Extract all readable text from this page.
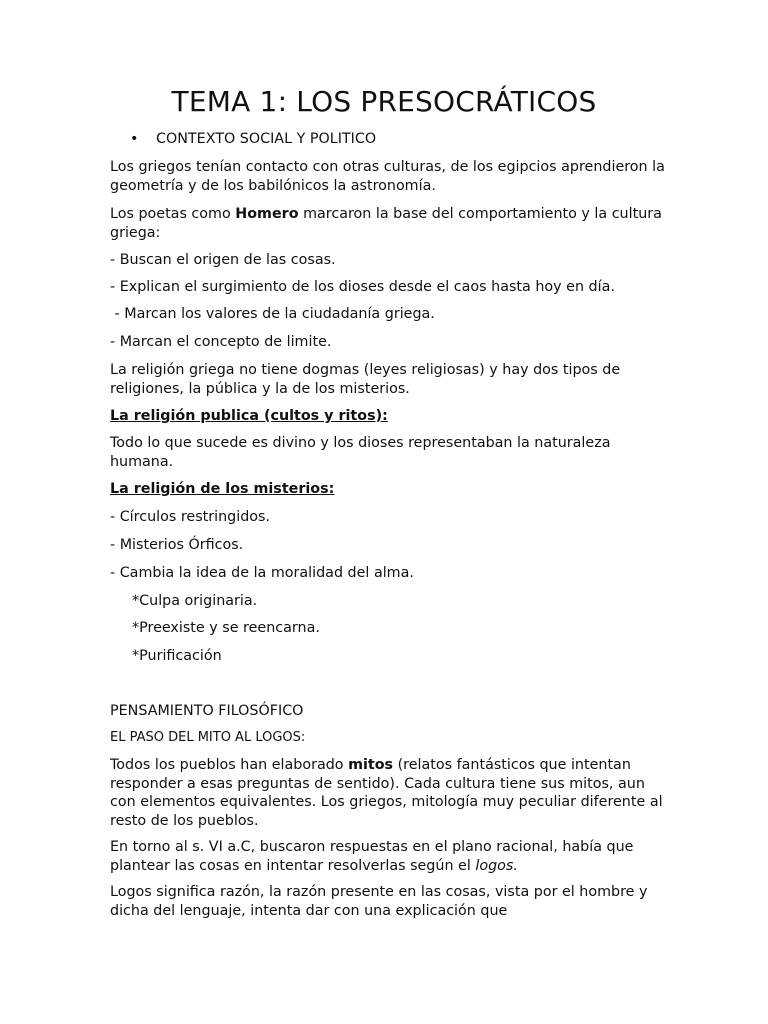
TEMA 1: LOS PRESOCRÁTICOS
• CONTEXTO SOCIAL Y POLITICO

Los griegos tenían contacto con otras culturas, de los egipcios aprendieron la geometría y de los babilónicos la astronomía.

Los poetas como Homero marcaron la base del comportamiento y la cultura griega:

- Buscan el origen de las cosas.

- Explican el surgimiento de los dioses desde el caos hasta hoy en día.

- Marcan los valores de la ciudadanía griega.

- Marcan el concepto de limite.

La religión griega no tiene dogmas (leyes religiosas) y hay dos tipos de religiones, la pública y la de los misterios.

La religión publica (cultos y ritos):

Todo lo que sucede es divino y los dioses representaban la naturaleza humana.

La religión de los misterios:

- Círculos restringidos.

- Misterios Órficos.

- Cambia la idea de la moralidad del alma.

*Culpa originaria.

*Preexiste y se reencarna.

*Purificación

PENSAMIENTO FILOSÓFICO

EL PASO DEL MITO AL LOGOS:

Todos los pueblos han elaborado mitos (relatos fantásticos que intentan responder a esas preguntas de sentido). Cada cultura tiene sus mitos, aun con elementos equivalentes. Los griegos, mitología muy peculiar diferente al resto de los pueblos.

En torno al s. VI a.C, buscaron respuestas en el plano racional, había que plantear las cosas en intentar resolverlas según el logos.

Logos significa razón, la razón presente en las cosas, vista por el hombre y dicha del lenguaje, intenta dar con una explicación que
